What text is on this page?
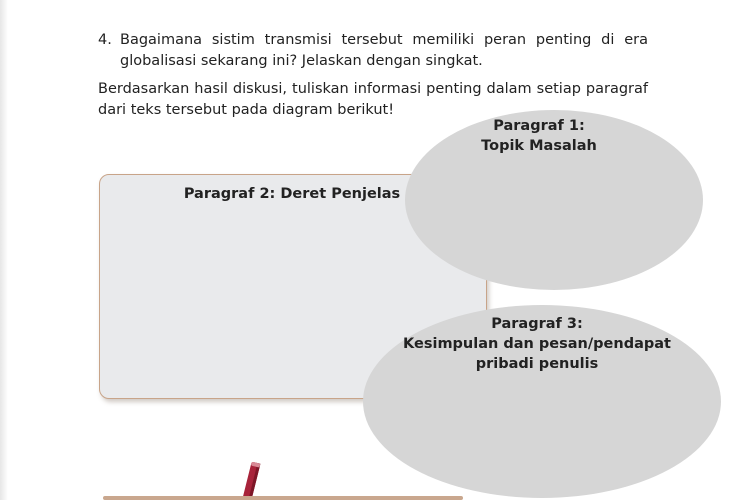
4. Bagaimana sistim transmisi tersebut memiliki peran penting di era globalisasi sekarang ini? Jelaskan dengan singkat.
Berdasarkan hasil diskusi, tuliskan informasi penting dalam setiap paragraf dari teks tersebut pada diagram berikut!
Paragraf 2: Deret Penjelas
Paragraf 1:
Topik Masalah
Paragraf 3:
Kesimpulan dan pesan/pendapat
pribadi penulis
